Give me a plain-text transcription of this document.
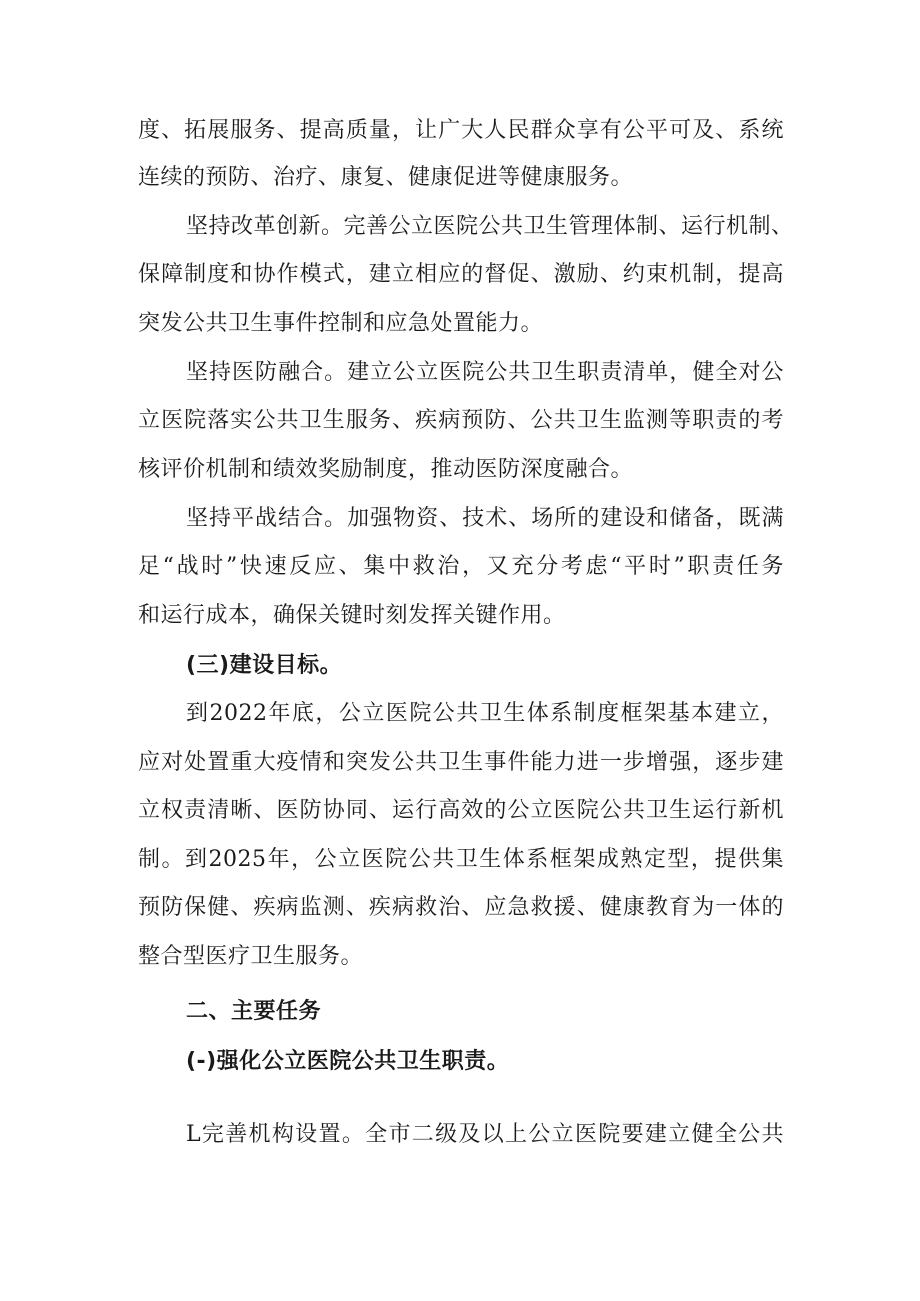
度、拓展服务、提高质量，让广大人民群众享有公平可及、系统
连续的预防、治疗、康复、健康促进等健康服务。
坚持改革创新。完善公立医院公共卫生管理体制、运行机制、
保障制度和协作模式，建立相应的督促、激励、约束机制，提高
突发公共卫生事件控制和应急处置能力。
坚持医防融合。建立公立医院公共卫生职责清单，健全对公
立医院落实公共卫生服务、疾病预防、公共卫生监测等职责的考
核评价机制和绩效奖励制度，推动医防深度融合。
坚持平战结合。加强物资、技术、场所的建设和储备，既满
足“战时”快速反应、集中救治，又充分考虑“平时”职责任务
和运行成本，确保关键时刻发挥关键作用。
(三)建设目标。
到2022年底，公立医院公共卫生体系制度框架基本建立，
应对处置重大疫情和突发公共卫生事件能力进一步增强，逐步建
立权责清晰、医防协同、运行高效的公立医院公共卫生运行新机
制。到2025年，公立医院公共卫生体系框架成熟定型，提供集
预防保健、疾病监测、疾病救治、应急救援、健康教育为一体的
整合型医疗卫生服务。
二、主要任务
(-)强化公立医院公共卫生职责。
L完善机构设置。全市二级及以上公立医院要建立健全公共
